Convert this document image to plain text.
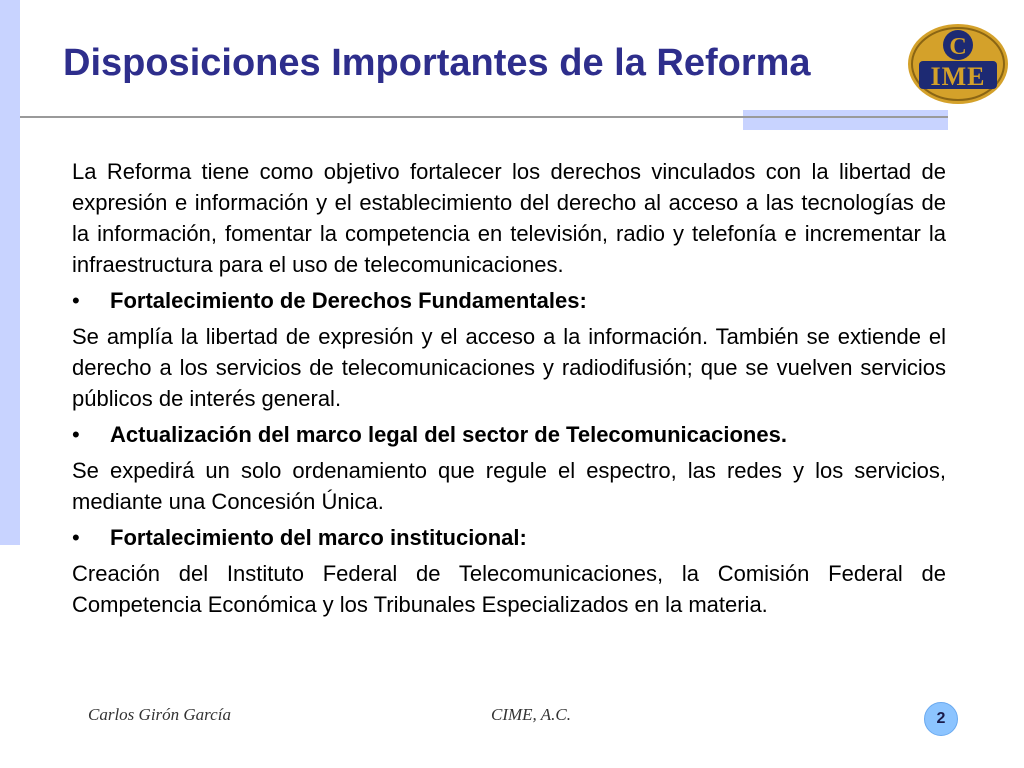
Disposiciones Importantes de la Reforma	C
IME

La Reforma tiene como objetivo fortalecer los derechos vinculados con la libertad de expresión e información y el establecimiento del derecho al acceso a las tecnologías de la información, fomentar la competencia en televisión, radio y telefonía e incrementar la infraestructura para el uso de telecomunicaciones.

•	Fortalecimiento de Derechos Fundamentales:

Se amplía la libertad de expresión y el acceso a la información. También se extiende el derecho a los servicios de telecomunicaciones y radiodifusión; que se vuelven servicios públicos de interés general.

•	Actualización del marco legal del sector de Telecomunicaciones.

Se expedirá un solo ordenamiento que regule el espectro, las redes y los servicios, mediante una Concesión Única.

•	Fortalecimiento del marco institucional:

Creación del Instituto Federal de Telecomunicaciones, la Comisión Federal de Competencia Económica y los Tribunales Especializados en la materia.

Carlos Girón García	CIME, A.C.	2
